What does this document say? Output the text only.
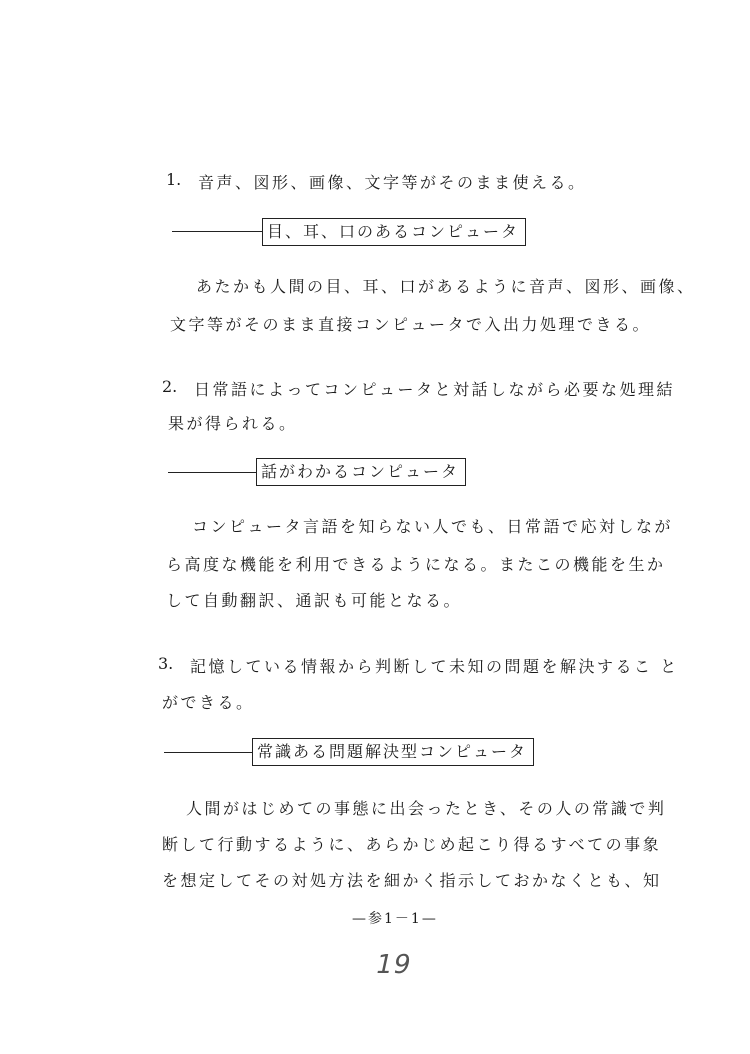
1. 音声、図形、画像、文字等がそのまま使える。
目、耳、口のあるコンピュータ
あたかも人間の目、耳、口があるように音声、図形、画像、
文字等がそのまま直接コンピュータで入出力処理できる。
2. 日常語によってコンピュータと対話しながら必要な処理結
果が得られる。
話がわかるコンピュータ
コンピュータ言語を知らない人でも、日常語で応対しなが
ら高度な機能を利用できるようになる。またこの機能を生か
して自動翻訳、通訳も可能となる。
3. 記憶している情報から判断して未知の問題を解決するこ と
ができる。
常識ある問題解決型コンピュータ
人間がはじめての事態に出会ったとき、その人の常識で判
断して行動するように、あらかじめ起こり得るすべての事象
を想定してその対処方法を細かく指示しておかなくとも、知
—参1－1—
19
